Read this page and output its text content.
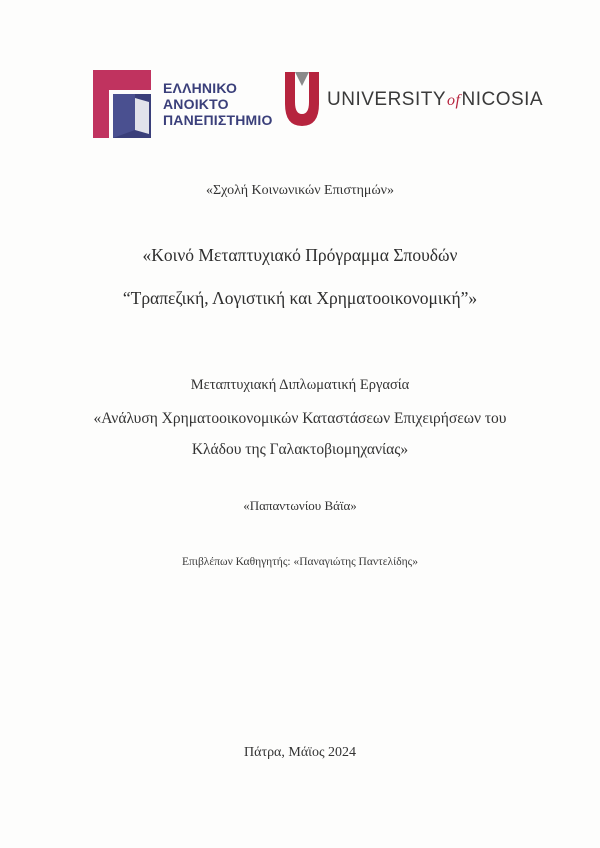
ΕΛΛΗΝΙΚΟ
ΑΝΟΙΚΤΟ
ΠΑΝΕΠΙΣΤΗΜΙΟ
UNIVERSITYofNICOSIA
«Σχολή Κοινωνικών Επιστημών»
«Κοινό Μεταπτυχιακό Πρόγραμμα Σπουδών
“Τραπεζική, Λογιστική και Χρηματοοικονομική”»
Μεταπτυχιακή Διπλωματική Εργασία
«Ανάλυση Χρηματοοικονομικών Καταστάσεων Επιχειρήσεων του
Κλάδου της Γαλακτοβιομηχανίας»
«Παπαντωνίου Βάϊα»
Επιβλέπων Καθηγητής: «Παναγιώτης Παντελίδης»
Πάτρα, Μάϊος 2024
